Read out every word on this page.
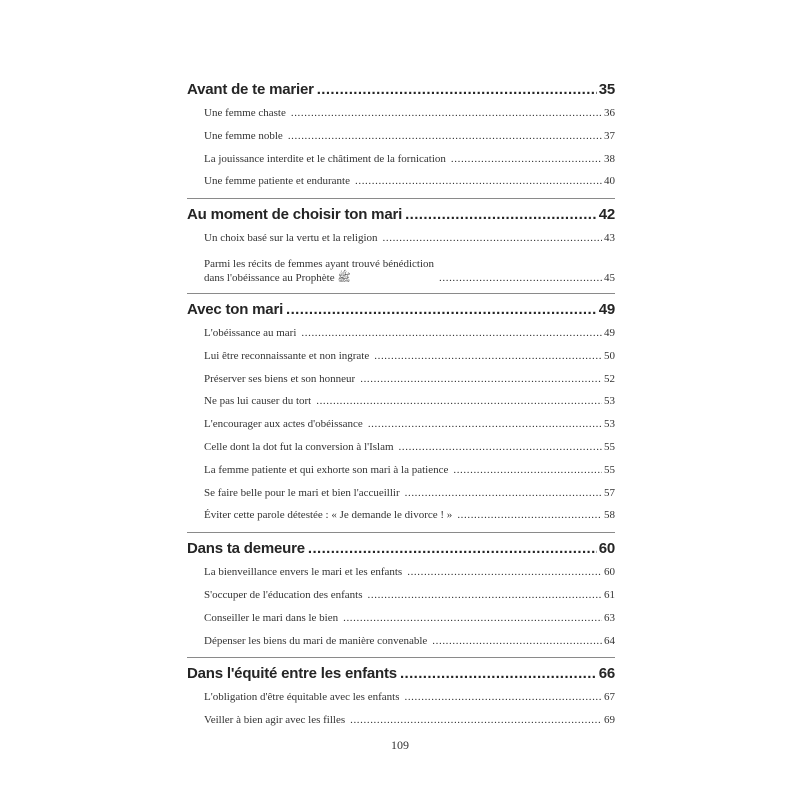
Avant de te marier .....	35
Une femme chaste .....	36
Une femme noble .....	37
La jouissance interdite et le châtiment de la fornication .....	38
Une femme patiente et endurante .....	40
Au moment de choisir ton mari .....	42
Un choix basé sur la vertu et la religion .....	43
Parmi les récits de femmes ayant trouvé bénédiction
dans l'obéissance au Prophète ﷺ .....	45
Avec ton mari .....	49
L'obéissance au mari .....	49
Lui être reconnaissante et non ingrate .....	50
Préserver ses biens et son honneur .....	52
Ne pas lui causer du tort .....	53
L'encourager aux actes d'obéissance .....	53
Celle dont la dot fut la conversion à l'Islam .....	55
La femme patiente et qui exhorte son mari à la patience .....	55
Se faire belle pour le mari et bien l'accueillir .....	57
Éviter cette parole détestée : « Je demande le divorce ! » .....	58
Dans ta demeure .....	60
La bienveillance envers le mari et les enfants .....	60
S'occuper de l'éducation des enfants .....	61
Conseiller le mari dans le bien .....	63
Dépenser les biens du mari de manière convenable .....	64
Dans l'équité entre les enfants .....	66
L'obligation d'être équitable avec les enfants .....	67
Veiller à bien agir avec les filles .....	69
109
